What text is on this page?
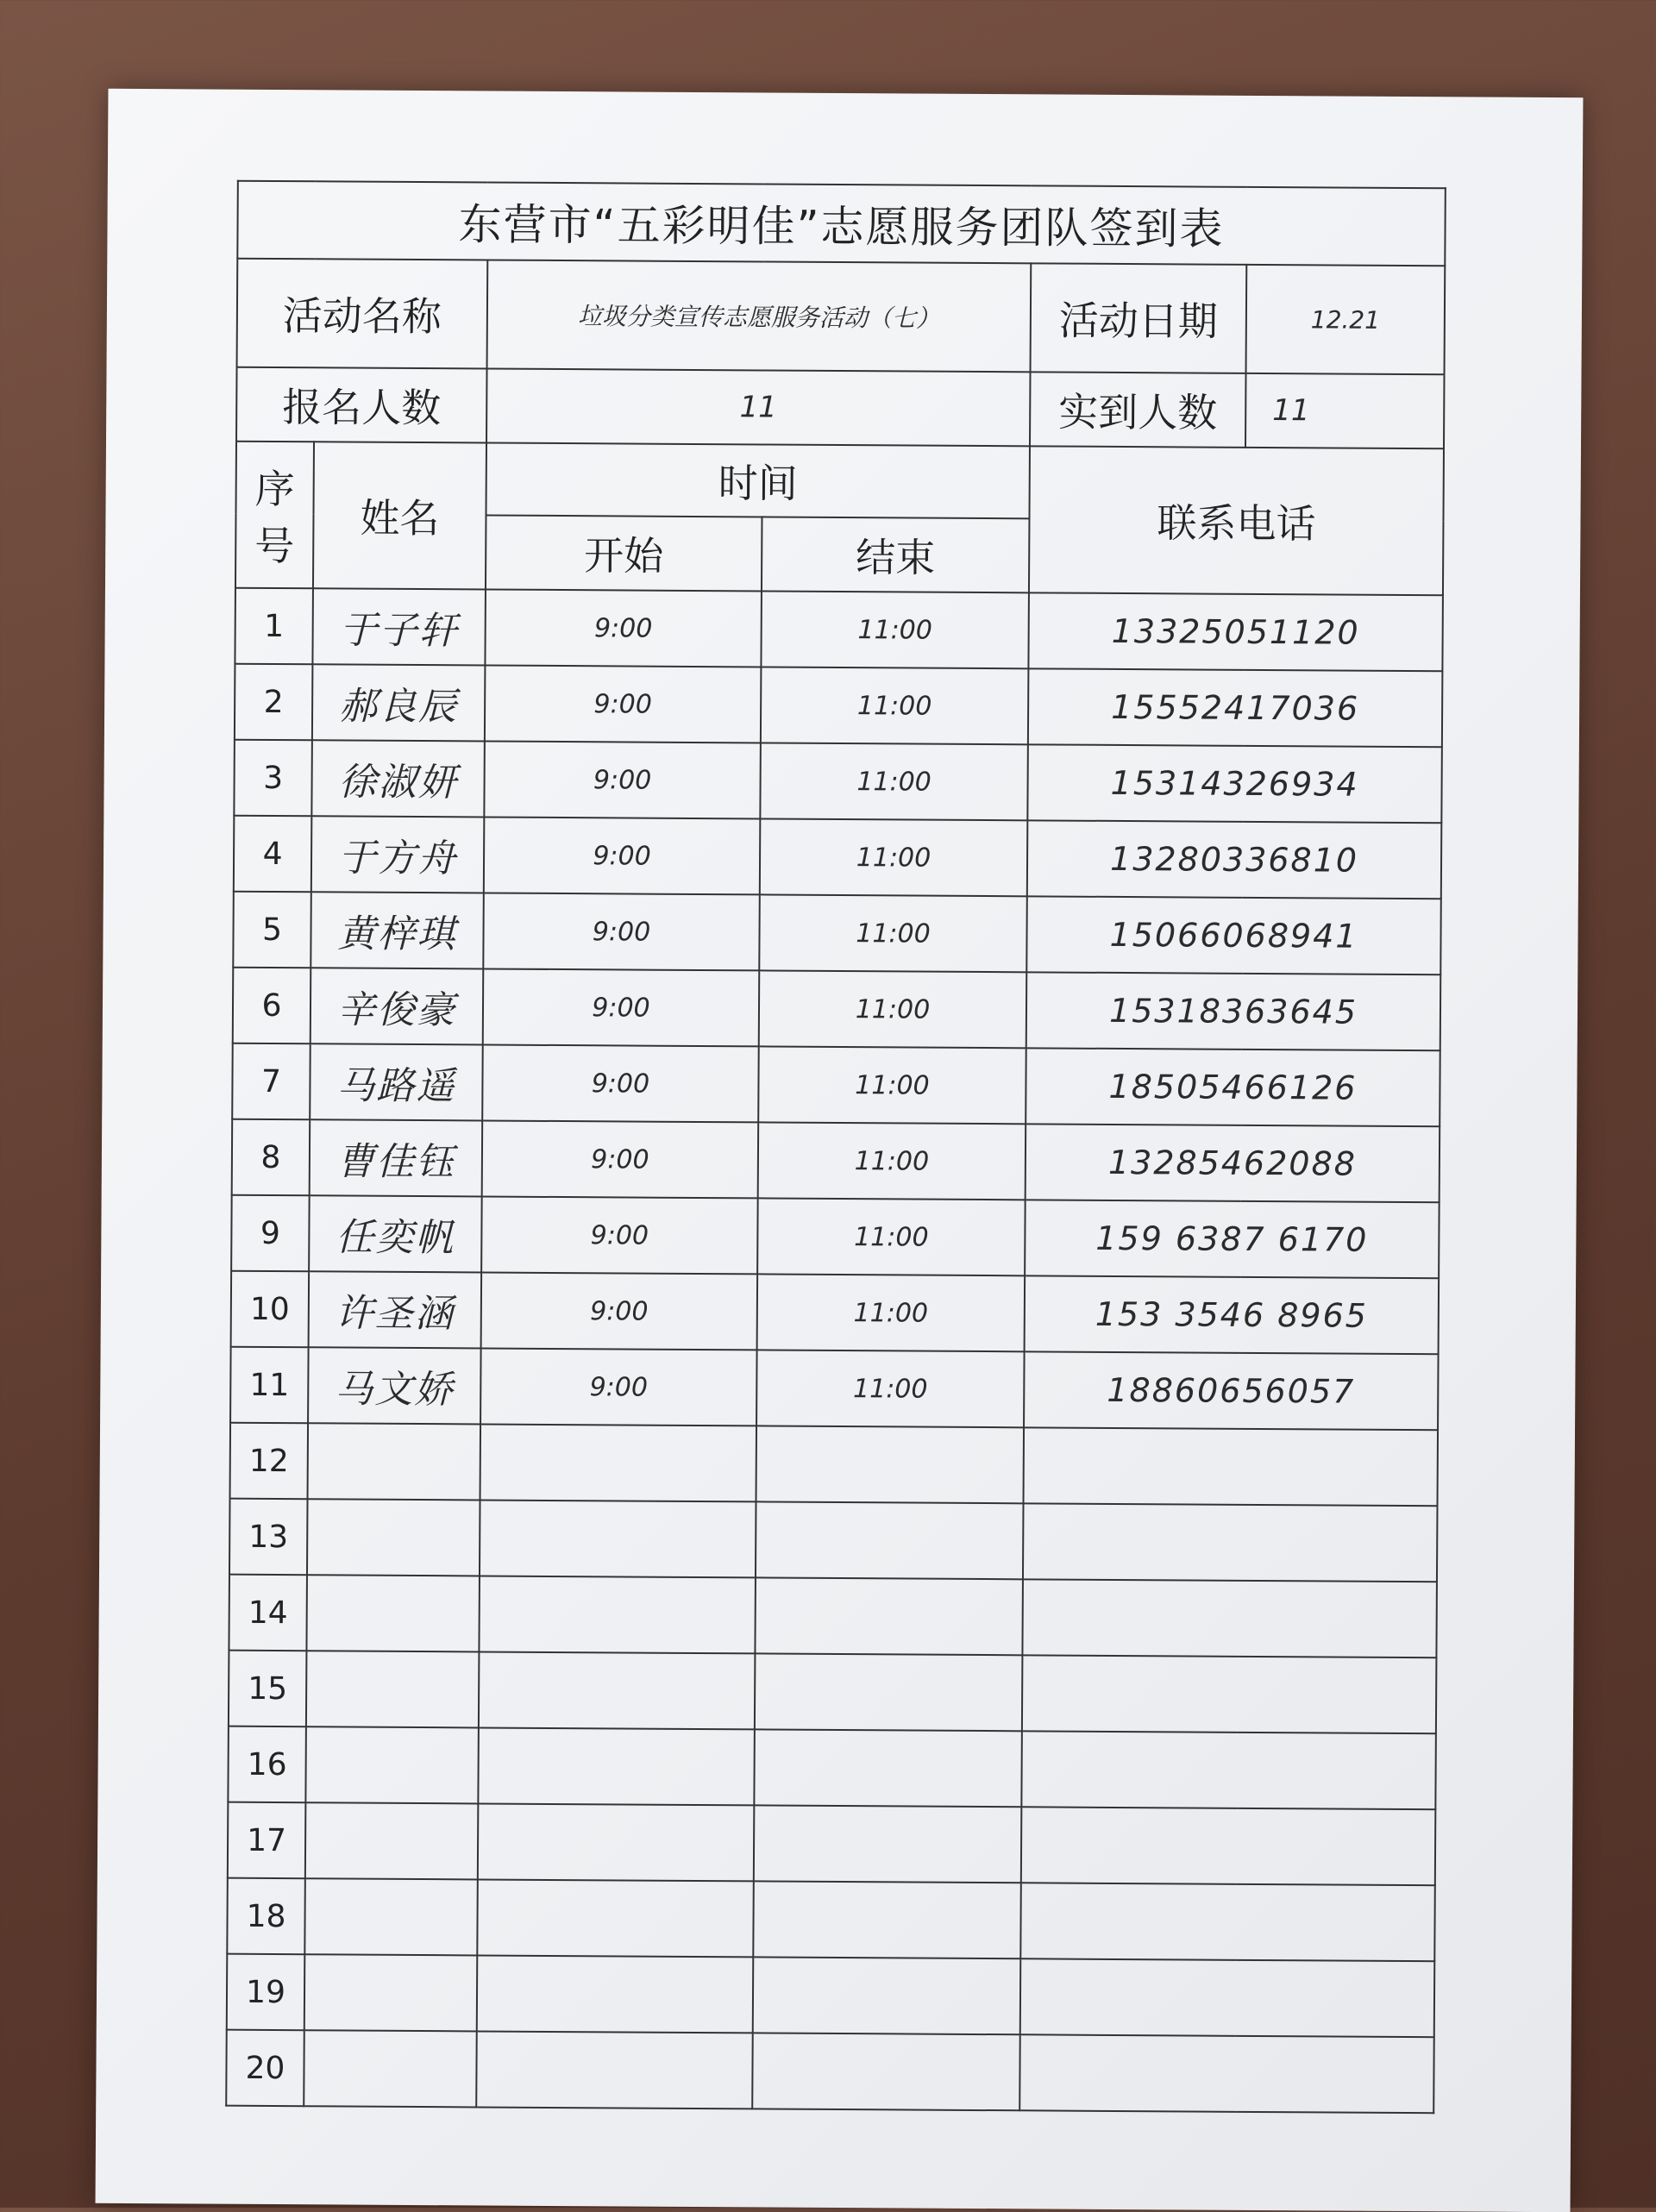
东营市“五彩明佳”志愿服务团队签到表					
活动名称		垃圾分类宣传志愿服务活动（七）		活动日期	12.21
报名人数		11		实到人数	11
序号	姓名	时间		联系电话	
		开始	结束		
1	于子轩	9:00	11:00	13325051120	
2	郝良辰	9:00	11:00	15552417036	
3	徐淑妍	9:00	11:00	15314326934	
4	于方舟	9:00	11:00	13280336810	
5	黄梓琪	9:00	11:00	15066068941	
6	辛俊豪	9:00	11:00	15318363645	
7	马路遥	9:00	11:00	18505466126	
8	曹佳钰	9:00	11:00	13285462088	
9	任奕帆	9:00	11:00	159 6387 6170	
10	许圣涵	9:00	11:00	153 3546 8965	
11	马文娇	9:00	11:00	18860656057	
12					
13					
14					
15					
16					
17					
18					
19					
20					
